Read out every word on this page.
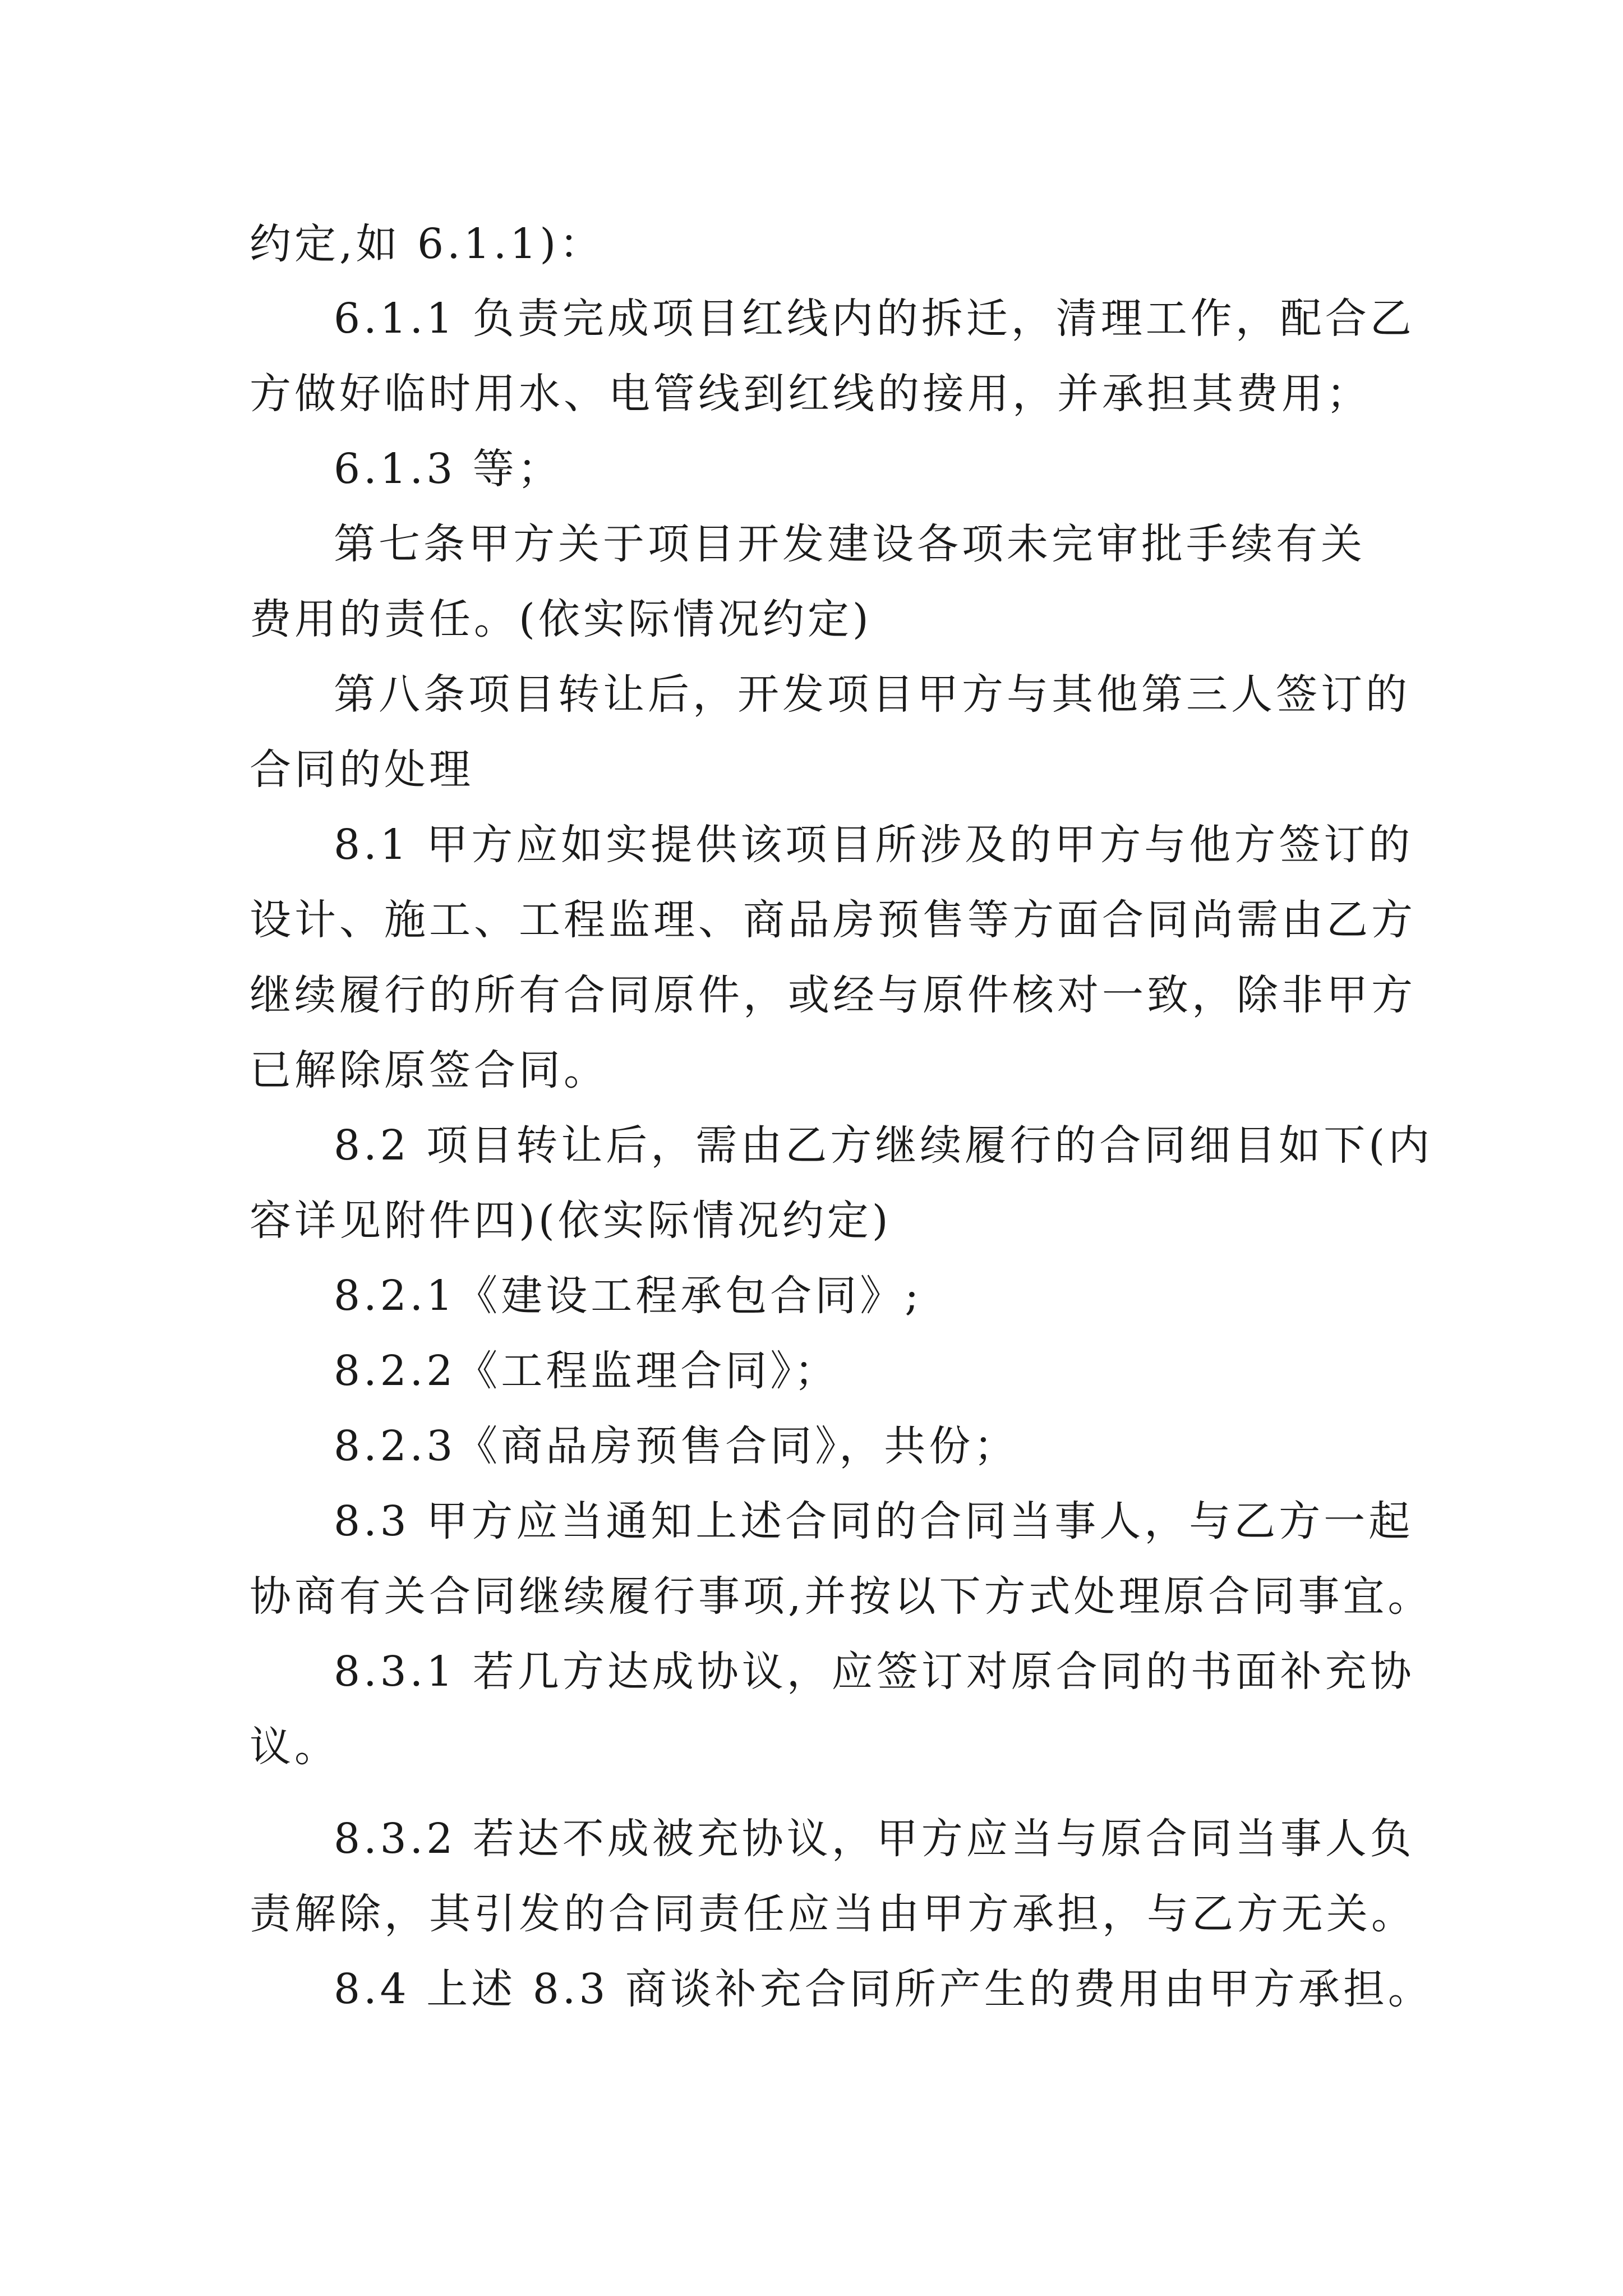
约定,如 6.1.1)：
6.1.1 负责完成项目红线内的拆迁，清理工作，配合乙
方做好临时用水、电管线到红线的接用，并承担其费用；
6.1.3 等；
第七条甲方关于项目开发建设各项未完审批手续有关
费用的责任。(依实际情况约定)
第八条项目转让后，开发项目甲方与其他第三人签订的
合同的处理
8.1 甲方应如实提供该项目所涉及的甲方与他方签订的
设计、施工、工程监理、商品房预售等方面合同尚需由乙方
继续履行的所有合同原件，或经与原件核对一致，除非甲方
已解除原签合同。
8.2 项目转让后，需由乙方继续履行的合同细目如下(内
容详见附件四)(依实际情况约定)
8.2.1《建设工程承包合同》;
8.2.2《工程监理合同》；
8.2.3《商品房预售合同》，共份；
8.3 甲方应当通知上述合同的合同当事人，与乙方一起
协商有关合同继续履行事项,并按以下方式处理原合同事宜。
8.3.1 若几方达成协议，应签订对原合同的书面补充协
议。
8.3.2 若达不成被充协议，甲方应当与原合同当事人负
责解除，其引发的合同责任应当由甲方承担，与乙方无关。
8.4 上述 8.3 商谈补充合同所产生的费用由甲方承担。
